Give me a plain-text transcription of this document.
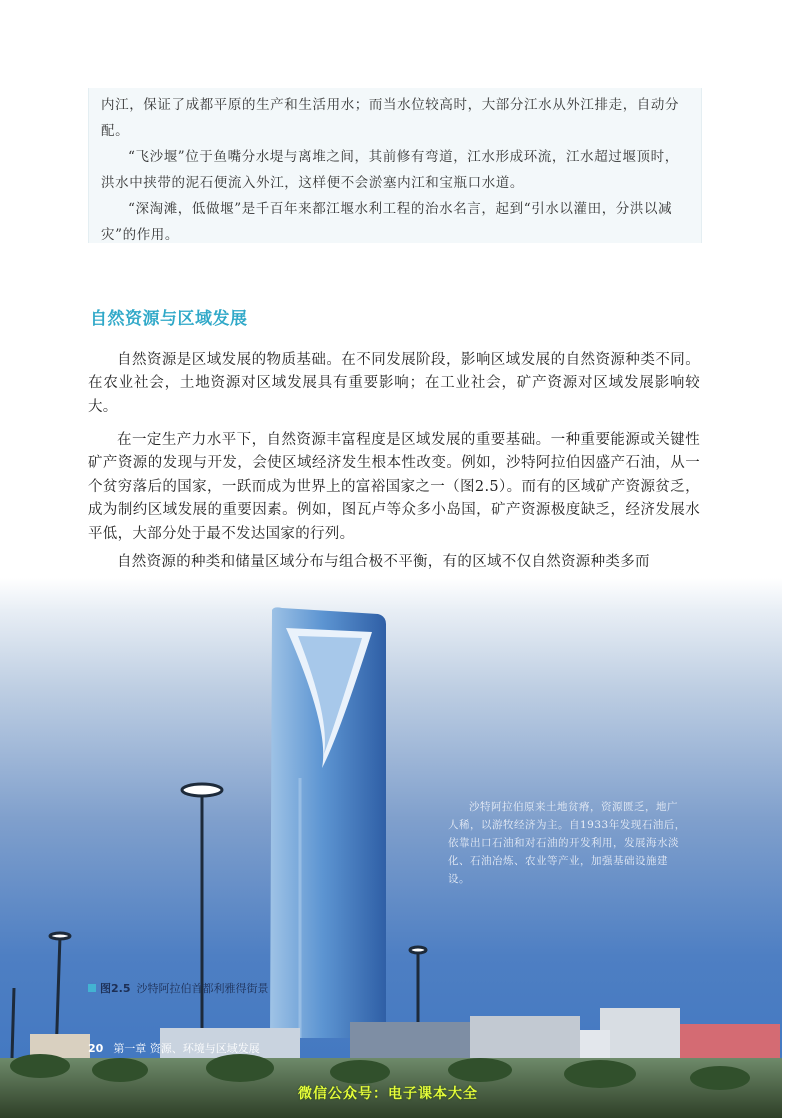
内江，保证了成都平原的生产和生活用水；而当水位较高时，大部分江水从外江排走，自动分配。

“飞沙堰”位于鱼嘴分水堤与离堆之间，其前修有弯道，江水形成环流，江水超过堰顶时，洪水中挟带的泥石便流入外江，这样便不会淤塞内江和宝瓶口水道。

“深淘滩，低做堰”是千百年来都江堰水利工程的治水名言，起到“引水以灌田，分洪以减灾”的作用。

自然资源与区域发展

自然资源是区域发展的物质基础。在不同发展阶段，影响区域发展的自然资源种类不同。在农业社会，土地资源对区域发展具有重要影响；在工业社会，矿产资源对区域发展影响较大。

在一定生产力水平下，自然资源丰富程度是区域发展的重要基础。一种重要能源或关键性矿产资源的发现与开发，会使区域经济发生根本性改变。例如，沙特阿拉伯因盛产石油，从一个贫穷落后的国家，一跃而成为世界上的富裕国家之一（图2.5）。而有的区域矿产资源贫乏，成为制约区域发展的重要因素。例如，图瓦卢等众多小岛国，矿产资源极度缺乏，经济发展水平低，大部分处于最不发达国家的行列。

自然资源的种类和储量区域分布与组合极不平衡，有的区域不仅自然资源种类多而

沙特阿拉伯原来土地贫瘠，资源匮乏，地广人稀，以游牧经济为主。自1933年发现石油后，依靠出口石油和对石油的开发利用，发展海水淡化、石油冶炼、农业等产业，加强基础设施建设。

图2.5 沙特阿拉伯首都利雅得街景
20 第一章 资源、环境与区域发展
微信公众号：电子课本大全
